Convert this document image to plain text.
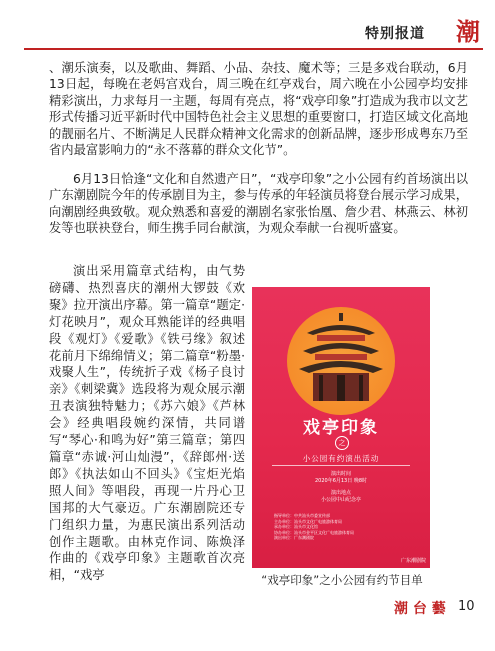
特别报道 潮
、潮乐演奏，以及歌曲、舞蹈、小品、杂技、魔术等；三是多戏台联动，6月13日起，每晚在老妈宫戏台，周三晚在红亭戏台，周六晚在小公园亭均安排精彩演出，力求每月一主题，每周有亮点，将“戏亭印象”打造成为我市以文艺形式传播习近平新时代中国特色社会主义思想的重要窗口，打造区域文化高地的靓丽名片、不断满足人民群众精神文化需求的创新品牌，逐步形成粤东乃至省内最富影响力的“永不落幕的群众文化节”。
6月13日恰逢“文化和自然遗产日”，“戏亭印象”之小公园有约首场演出以广东潮剧院今年的传承剧目为主，参与传承的年轻演员将登台展示学习成果，向潮剧经典致敬。观众熟悉和喜爱的潮剧名家张怡凰、詹少君、林燕云、林初发等也联袂登台，师生携手同台献演，为观众奉献一台视听盛宴。
演出采用篇章式结构，由气势磅礴、热烈喜庆的潮州大锣鼓《欢聚》拉开演出序幕。第一篇章“题定·灯花映月”，观众耳熟能详的经典唱段《观灯》《爱歌》《铁弓缘》叙述花前月下绵绵情义；第二篇章“粉墨·戏聚人生”，传统折子戏《杨子良讨亲》《刺梁冀》选段将为观众展示潮丑表演独特魅力；《苏六娘》《芦林会》经典唱段婉约深情，共同谱写“琴心·和鸣为好”第三篇章；第四篇章“赤诚·河山灿漫”，《辞郎州·送郎》《执法如山不回头》《宝炬光焰照人间》等唱段，再现一片丹心卫国邦的大气豪迈。广东潮剧院还专门组织力量，为惠民演出系列活动创作主题歌。由林克作词、陈焕泽作曲的《戏亭印象》主题歌首次亮相，“戏亭
戏亭印象
之
小公园有约演出活动
演出时间
2020年6月13日 晚8时
演出地点
小公园中山纪念亭
指导单位：中共汕头市委宣传部
主办单位：汕头市文化广电旅游体育局
承办单位：汕头市文化馆
协办单位：汕头市金平区文化广电旅游体育局
演出单位：广东潮剧院
广东潮剧院
“戏亭印象”之小公园有约节目单
潮 台 藝 10
